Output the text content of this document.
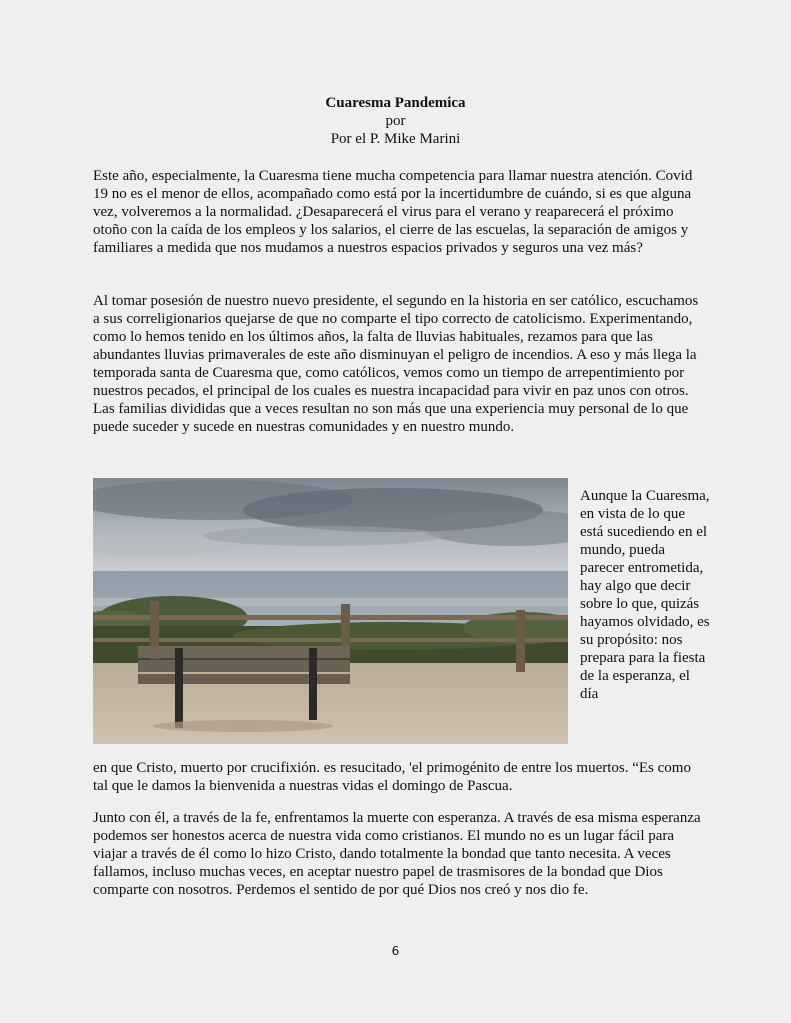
Cuaresma Pandemica
por
Por el P. Mike Marini

Este año, especialmente, la Cuaresma tiene mucha competencia para llamar nuestra atención. Covid 19 no es el menor de ellos, acompañado como está por la incertidumbre de cuándo, si es que alguna vez, volveremos a la normalidad. ¿Desaparecerá el virus para el verano y reaparecerá el próximo otoño con la caída de los empleos y los salarios, el cierre de las escuelas, la separación de amigos y familiares a medida que nos mudamos a nuestros espacios privados y seguros una vez más?

Al tomar posesión de nuestro nuevo presidente, el segundo en la historia en ser católico, escuchamos a sus correligionarios quejarse de que no comparte el tipo correcto de catolicismo. Experimentando, como lo hemos tenido en los últimos años, la falta de lluvias habituales, rezamos para que las abundantes lluvias primaverales de este año disminuyan el peligro de incendios. A eso y más llega la temporada santa de Cuaresma que, como católicos, vemos como un tiempo de arrepentimiento por nuestros pecados, el principal de los cuales es nuestra incapacidad para vivir en paz unos con otros. Las familias divididas que a veces resultan no son más que una experiencia muy personal de lo que puede suceder y sucede en nuestras comunidades y en nuestro mundo.

Aunque la Cuaresma, en vista de lo que está sucediendo en el mundo, pueda parecer entrometida, hay algo que decir sobre lo que, quizás hayamos olvidado, es su propósito: nos prepara para la fiesta de la esperanza, el día

en que Cristo, muerto por crucifixión. es resucitado, 'el primogénito de entre los muertos. “Es como tal que le damos la bienvenida a nuestras vidas el domingo de Pascua.

Junto con él, a través de la fe, enfrentamos la muerte con esperanza. A través de esa misma esperanza podemos ser honestos acerca de nuestra vida como cristianos. El mundo no es un lugar fácil para viajar a través de él como lo hizo Cristo, dando totalmente la bondad que tanto necesita. A veces fallamos, incluso muchas veces, en aceptar nuestro papel de trasmisores de la bondad que Dios comparte con nosotros. Perdemos el sentido de por qué Dios nos creó y nos dio fe.

6
